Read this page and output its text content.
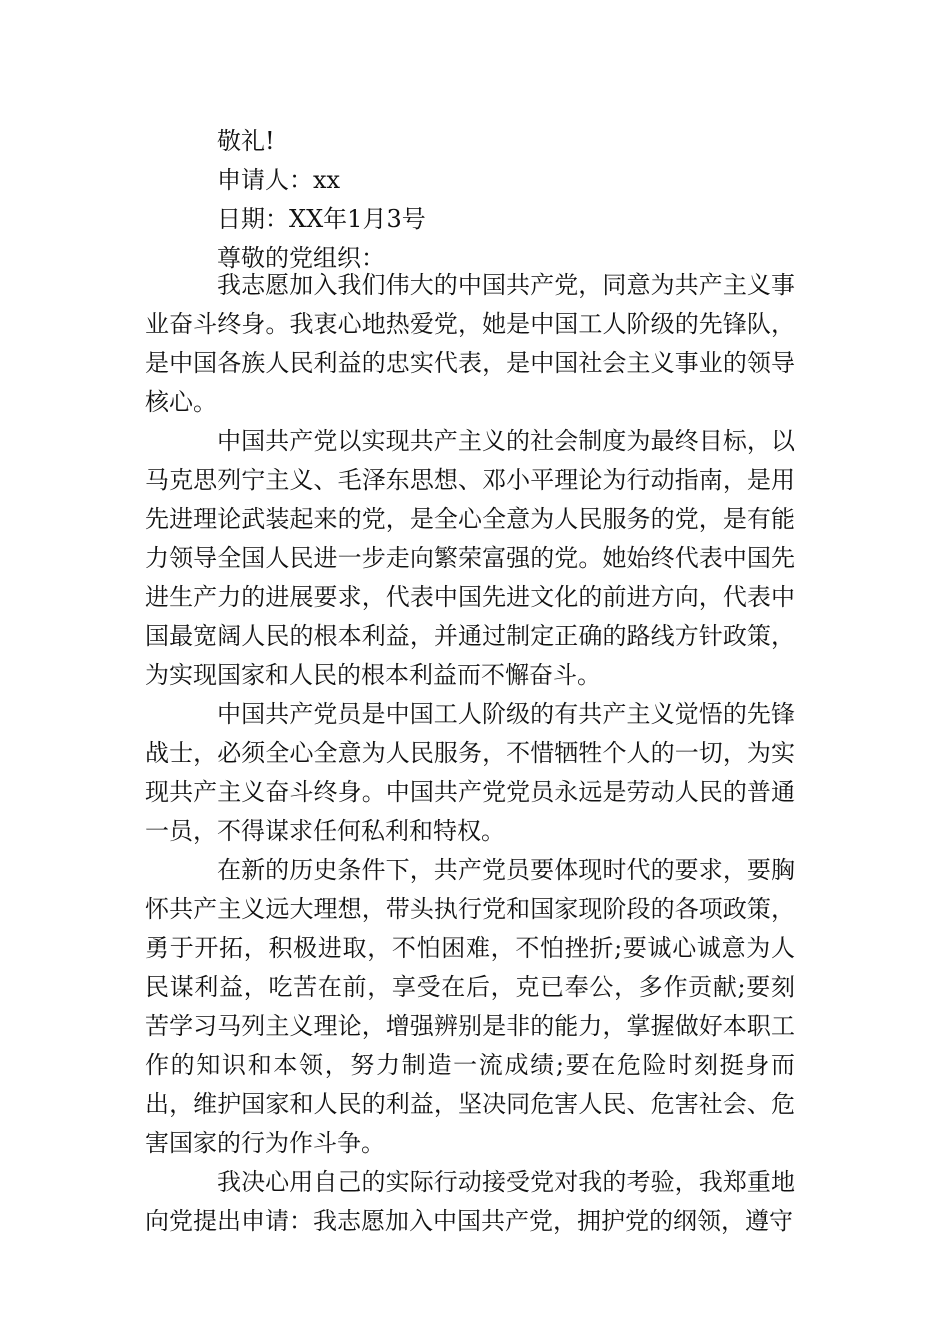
敬礼!

申请人：xx

日期：XX年1月3号

尊敬的党组织：

我志愿加入我们伟大的中国共产党，同意为共产主义事业奋斗终身。我衷心地热爱党，她是中国工人阶级的先锋队，是中国各族人民利益的忠实代表，是中国社会主义事业的领导核心。

中国共产党以实现共产主义的社会制度为最终目标，以马克思列宁主义、毛泽东思想、邓小平理论为行动指南，是用先进理论武装起来的党，是全心全意为人民服务的党，是有能力领导全国人民进一步走向繁荣富强的党。她始终代表中国先进生产力的进展要求，代表中国先进文化的前进方向，代表中国最宽阔人民的根本利益，并通过制定正确的路线方针政策，为实现国家和人民的根本利益而不懈奋斗。

中国共产党员是中国工人阶级的有共产主义觉悟的先锋战士，必须全心全意为人民服务，不惜牺牲个人的一切，为实现共产主义奋斗终身。中国共产党党员永远是劳动人民的普通一员，不得谋求任何私利和特权。

在新的历史条件下，共产党员要体现时代的要求，要胸怀共产主义远大理想，带头执行党和国家现阶段的各项政策，勇于开拓，积极进取，不怕困难，不怕挫折;要诚心诚意为人民谋利益，吃苦在前，享受在后，克已奉公，多作贡献;要刻苦学习马列主义理论，增强辨别是非的能力，掌握做好本职工作的知识和本领，努力制造一流成绩;要在危险时刻挺身而出，维护国家和人民的利益，坚决同危害人民、危害社会、危害国家的行为作斗争。

我决心用自己的实际行动接受党对我的考验，我郑重地向党提出申请：我志愿加入中国共产党，拥护党的纲领，遵守
